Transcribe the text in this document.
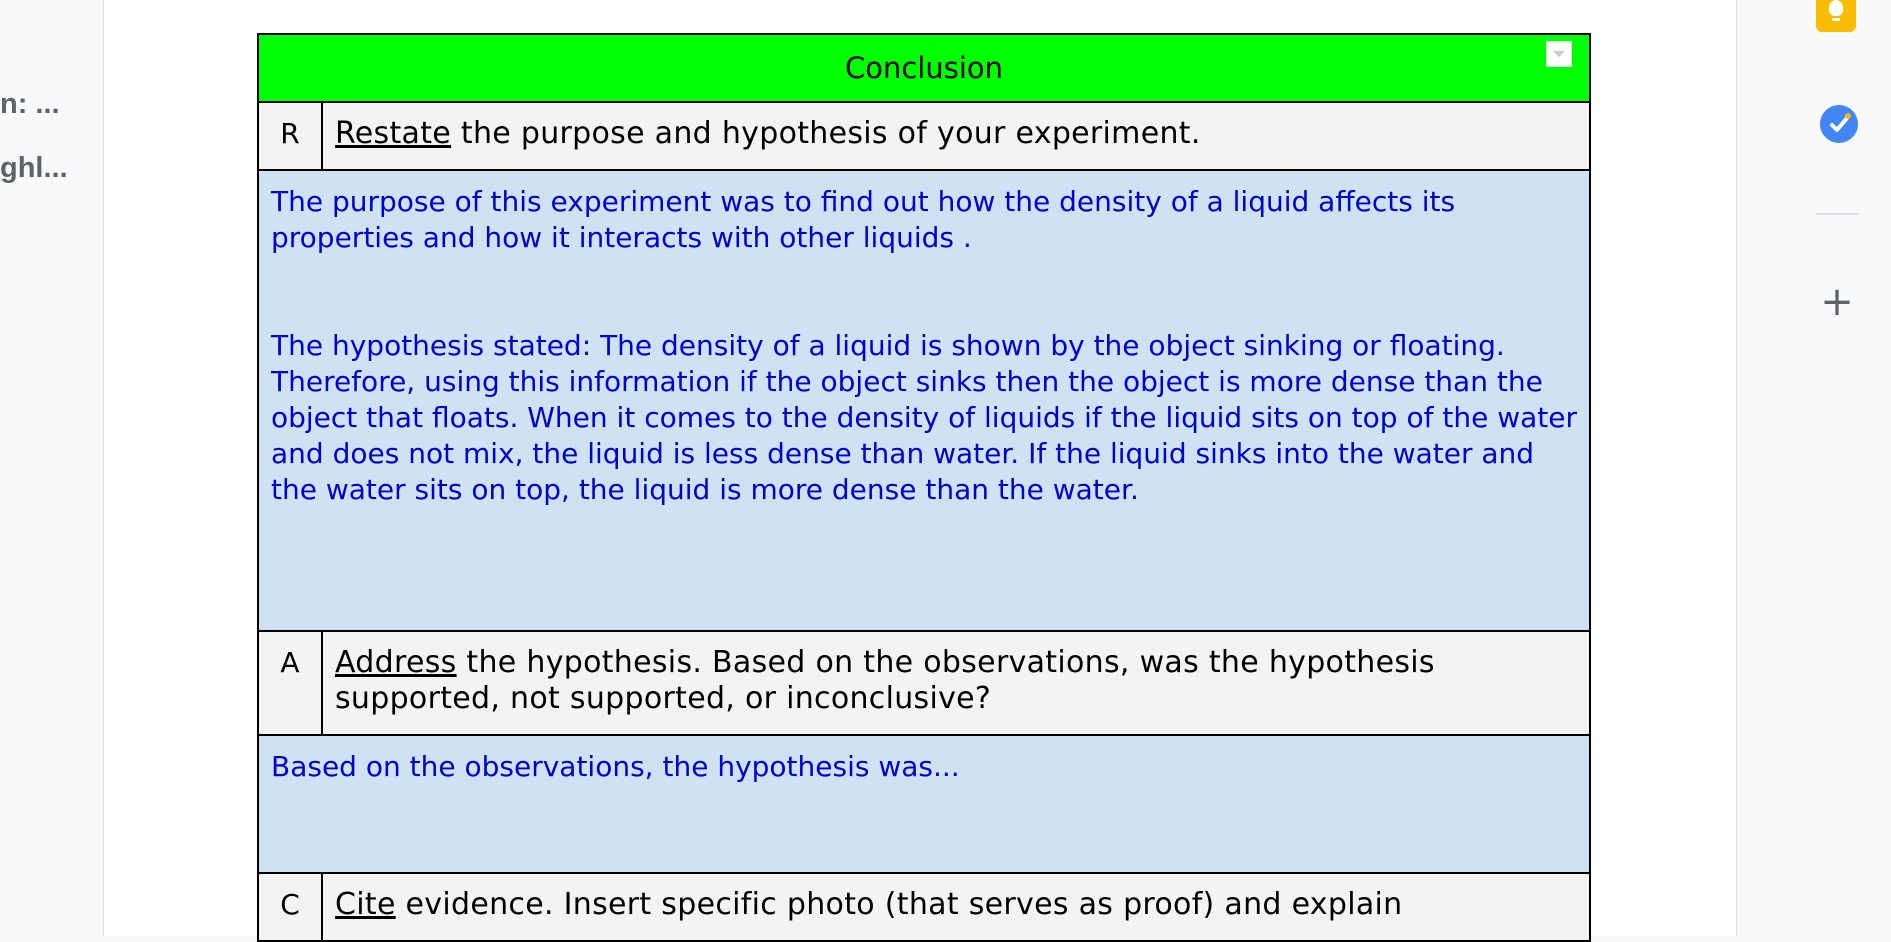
n: ...
ghl...
+
Conclusion
R	Restate the purpose and hypothesis of your experiment.

The purpose of this experiment was to find out how the density of a liquid affects its properties and how it interacts with other liquids .

The hypothesis stated: The density of a liquid is shown by the object sinking or floating. Therefore, using this information if the object sinks then the object is more dense than the object that floats. When it comes to the density of liquids if the liquid sits on top of the water and does not mix, the liquid is less dense than water. If the liquid sinks into the water and the water sits on top, the liquid is more dense than the water.

A	Address the hypothesis. Based on the observations, was the hypothesis supported, not supported, or inconclusive?

Based on the observations, the hypothesis was...

C	Cite evidence. Insert specific photo (that serves as proof) and explain
